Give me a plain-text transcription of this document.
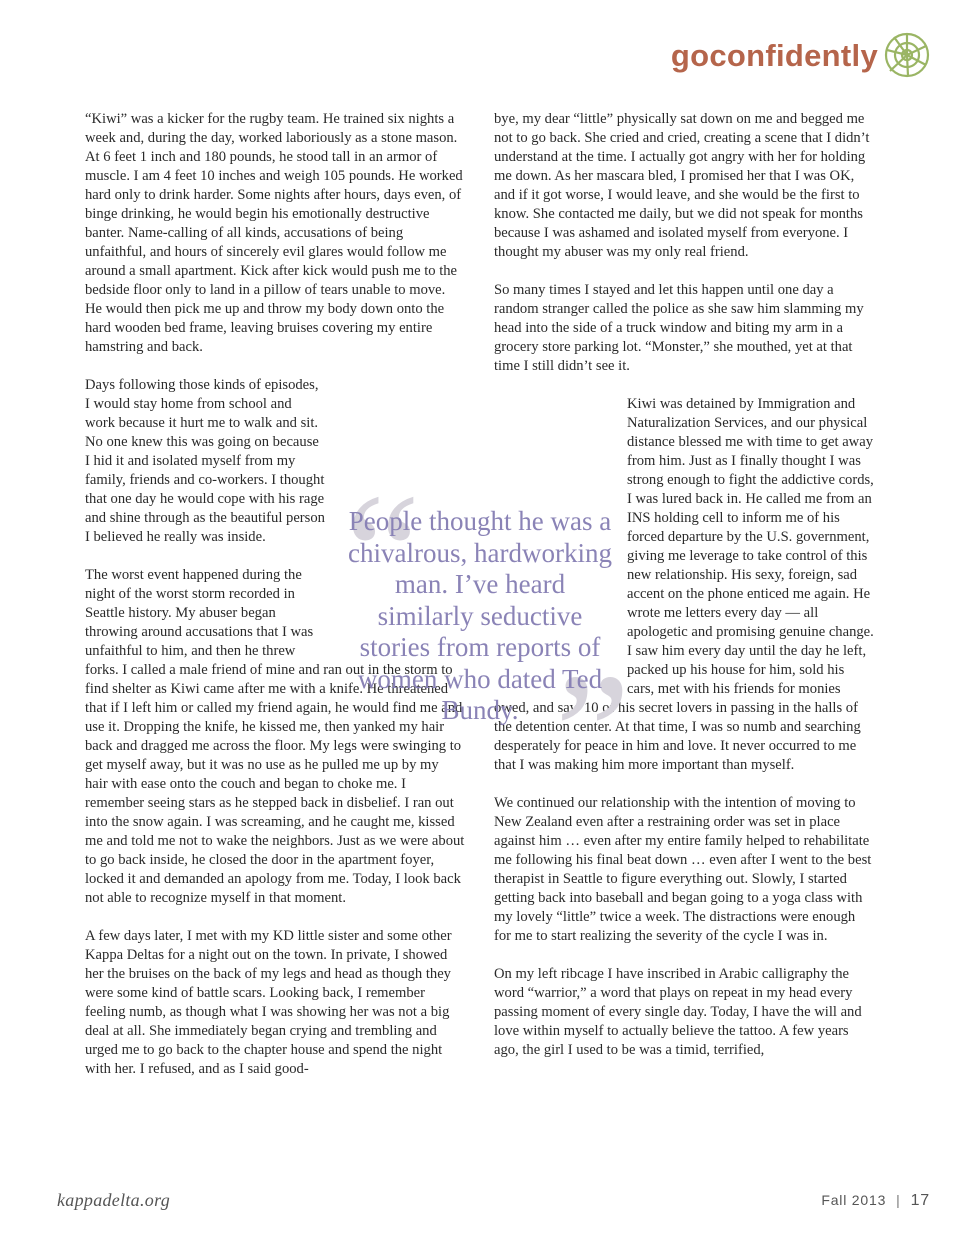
goconfidently

“Kiwi” was a kicker for the rugby team. He trained six nights a week and, during the day, worked laboriously as a stone mason. At 6 feet 1 inch and 180 pounds, he stood tall in an armor of muscle. I am 4 feet 10 inches and weigh 105 pounds. He worked hard only to drink harder. Some nights after hours, days even, of binge drinking, he would begin his emotionally destructive banter. Name-calling of all kinds, accusations of being unfaithful, and hours of sincerely evil glares would follow me around a small apartment. Kick after kick would push me to the bedside floor only to land in a pillow of tears unable to move. He would then pick me up and throw my body down onto the hard wooden bed frame, leaving bruises covering my entire hamstring and back.

Days following those kinds of episodes, I would stay home from school and work because it hurt me to walk and sit. No one knew this was going on because I hid it and isolated myself from my family, friends and co-workers. I thought that one day he would cope with his rage and shine through as the beautiful person I believed he really was inside.

The worst event happened during the night of the worst storm recorded in Seattle history. My abuser began throwing around accusations that I was unfaithful to him, and then he threw forks. I called a male friend of mine and ran out in the storm to find shelter as Kiwi came after me with a knife. He threatened that if I left him or called my friend again, he would find me and use it. Dropping the knife, he kissed me, then yanked my hair back and dragged me across the floor. My legs were swinging to get myself away, but it was no use as he pulled me up by my hair with ease onto the couch and began to choke me. I remember seeing stars as he stepped back in disbelief. I ran out into the snow again. I was screaming, and he caught me, kissed me and told me not to wake the neighbors. Just as we were about to go back inside, he closed the door in the apartment foyer, locked it and demanded an apology from me. Today, I look back not able to recognize myself in that moment.

A few days later, I met with my KD little sister and some other Kappa Deltas for a night out on the town. In private, I showed her the bruises on the back of my legs and head as though they were some kind of battle scars. Looking back, I remember feeling numb, as though what I was showing her was not a big deal at all. She immediately began crying and trembling and urged me to go back to the chapter house and spend the night with her. I refused, and as I said good-

bye, my dear “little” physically sat down on me and begged me not to go back. She cried and cried, creating a scene that I didn’t understand at the time. I actually got angry with her for holding me down. As her mascara bled, I promised her that I was OK, and if it got worse, I would leave, and she would be the first to know. She contacted me daily, but we did not speak for months because I was ashamed and isolated myself from everyone. I thought my abuser was my only real friend.

So many times I stayed and let this happen until one day a random stranger called the police as she saw him slamming my head into the side of a truck window and biting my arm in a grocery store parking lot. “Monster,” she mouthed, yet at that time I still didn’t see it.

Kiwi was detained by Immigration and Naturalization Services, and our physical distance blessed me with time to get away from him. Just as I finally thought I was strong enough to fight the addictive cords, I was lured back in. He called me from an INS holding cell to inform me of his forced departure by the U.S. government, giving me leverage to take control of this new relationship. His sexy, foreign, sad accent on the phone enticed me again. He wrote me letters every day — all apologetic and promising genuine change. I saw him every day until the day he left, packed up his house for him, sold his cars, met with his friends for monies owed, and saw 10 of his secret lovers in passing in the halls of the detention center. At that time, I was so numb and searching desperately for peace in him and love. It never occurred to me that I was making him more important than myself.

We continued our relationship with the intention of moving to New Zealand even after a restraining order was set in place against him … even after my entire family helped to rehabilitate me following his final beat down … even after I went to the best therapist in Seattle to figure everything out. Slowly, I started getting back into baseball and began going to a yoga class with my lovely “little” twice a week. The distractions were enough for me to start realizing the severity of the cycle I was in.

On my left ribcage I have inscribed in Arabic calligraphy the word “warrior,” a word that plays on repeat in my head every passing moment of every single day. Today, I have the will and love within myself to actually believe the tattoo. A few years ago, the girl I used to be was a timid, terrified,

“
”
People thought he was a chivalrous, hardworking man. I’ve heard similarly seductive stories from reports of women who dated Ted Bundy.
kappadelta.org	Fall 2013 | 17
